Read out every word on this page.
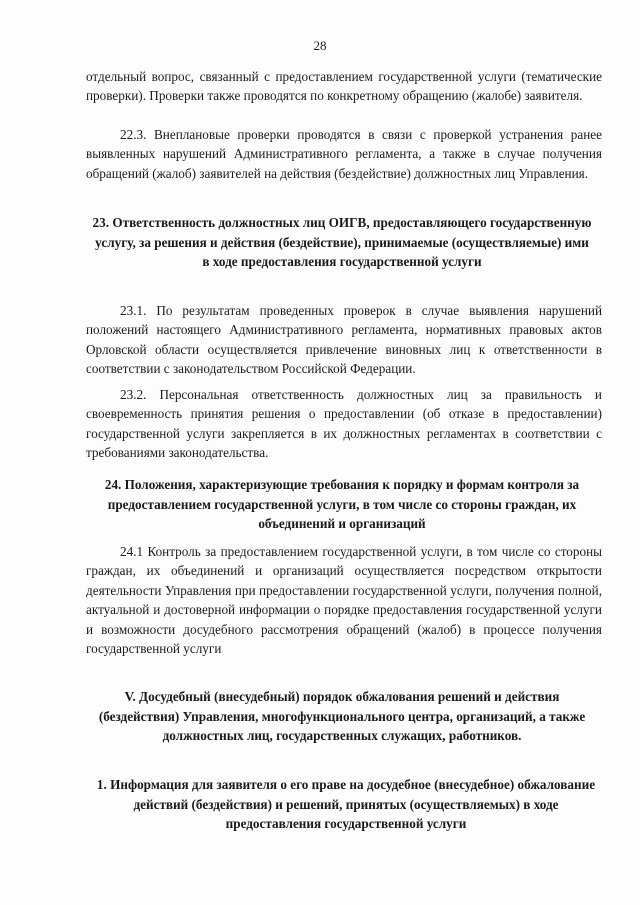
28

отдельный вопрос, связанный с предоставлением государственной услуги (тематические проверки). Проверки также проводятся по конкретному обращению (жалобе) заявителя.

22.3. Внеплановые проверки проводятся в связи с проверкой устранения ранее выявленных нарушений Административного регламента, а также в случае получения обращений (жалоб) заявителей на действия (бездействие) должностных лиц Управления.

23. Ответственность должностных лиц ОИГВ, предоставляющего государственную услугу, за решения и действия (бездействие), принимаемые (осуществляемые) ими в ходе предоставления государственной услуги

23.1. По результатам проведенных проверок в случае выявления нарушений положений настоящего Административного регламента, нормативных правовых актов Орловской области осуществляется привлечение виновных лиц к ответственности в соответствии с законодательством Российской Федерации.

23.2. Персональная ответственность должностных лиц за правильность и своевременность принятия решения о предоставлении (об отказе в предоставлении) государственной услуги закрепляется в их должностных регламентах в соответствии с требованиями законодательства.

24. Положения, характеризующие требования к порядку и формам контроля за предоставлением государственной услуги, в том числе со стороны граждан, их объединений и организаций

24.1 Контроль за предоставлением государственной услуги, в том числе со стороны граждан, их объединений и организаций осуществляется посредством открытости деятельности Управления при предоставлении государственной услуги, получения полной, актуальной и достоверной информации о порядке предоставления государственной услуги и возможности досудебного рассмотрения обращений (жалоб) в процессе получения государственной услуги

V. Досудебный (внесудебный) порядок обжалования решений и действия (бездействия) Управления, многофункционального центра, организаций, а также должностных лиц, государственных служащих, работников.

1. Информация для заявителя о его праве на досудебное (внесудебное) обжалование действий (бездействия) и решений, принятых (осуществляемых) в ходе предоставления государственной услуги
